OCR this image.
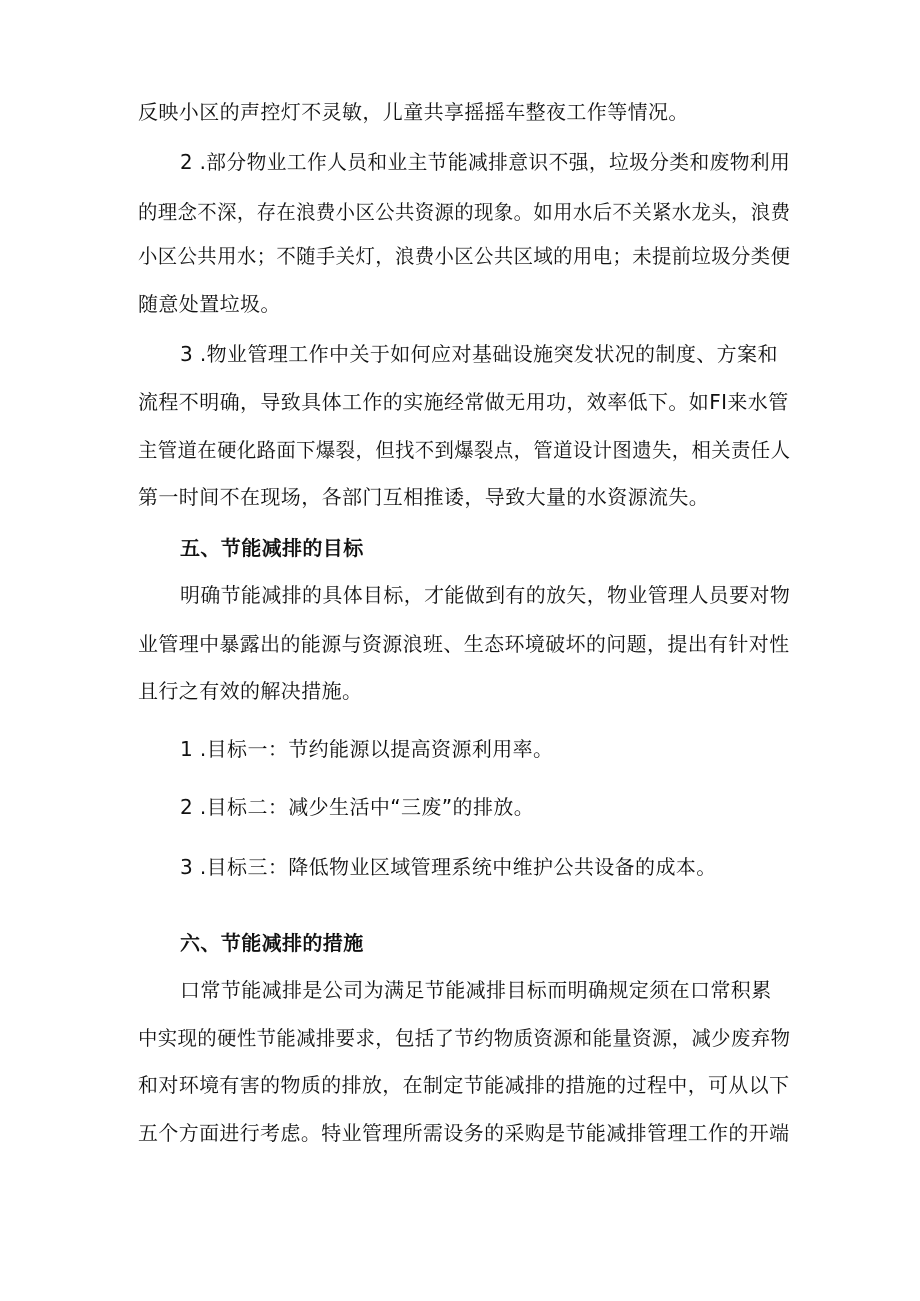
反映小区的声控灯不灵敏，儿童共享摇摇车整夜工作等情况。
2 .部分物业工作人员和业主节能减排意识不强，垃圾分类和废物利用
的理念不深，存在浪费小区公共资源的现象。如用水后不关紧水龙头，浪费
小区公共用水；不随手关灯，浪费小区公共区域的用电；未提前垃圾分类便
随意处置垃圾。
3 .物业管理工作中关于如何应对基础设施突发状况的制度、方案和
流程不明确，导致具体工作的实施经常做无用功，效率低下。如FI来水管
主管道在硬化路面下爆裂，但找不到爆裂点，管道设计图遗失，相关责任人
第一时间不在现场，各部门互相推诿，导致大量的水资源流失。
五、节能减排的目标
明确节能减排的具体目标，才能做到有的放矢，物业管理人员要对物
业管理中暴露出的能源与资源浪班、生态环境破坏的问题，提出有针对性
且行之有效的解决措施。
1 .目标一：节约能源以提高资源利用率。
2 .目标二：减少生活中“三废”的排放。
3 .目标三：降低物业区域管理系统中维护公共设备的成本。
六、节能减排的措施
口常节能减排是公司为满足节能减排目标而明确规定须在口常积累
中实现的硬性节能减排要求，包括了节约物质资源和能量资源，减少废弃物
和对环境有害的物质的排放，在制定节能减排的措施的过程中，可从以下
五个方面进行考虑。特业管理所需设务的采购是节能减排管理工作的开端
